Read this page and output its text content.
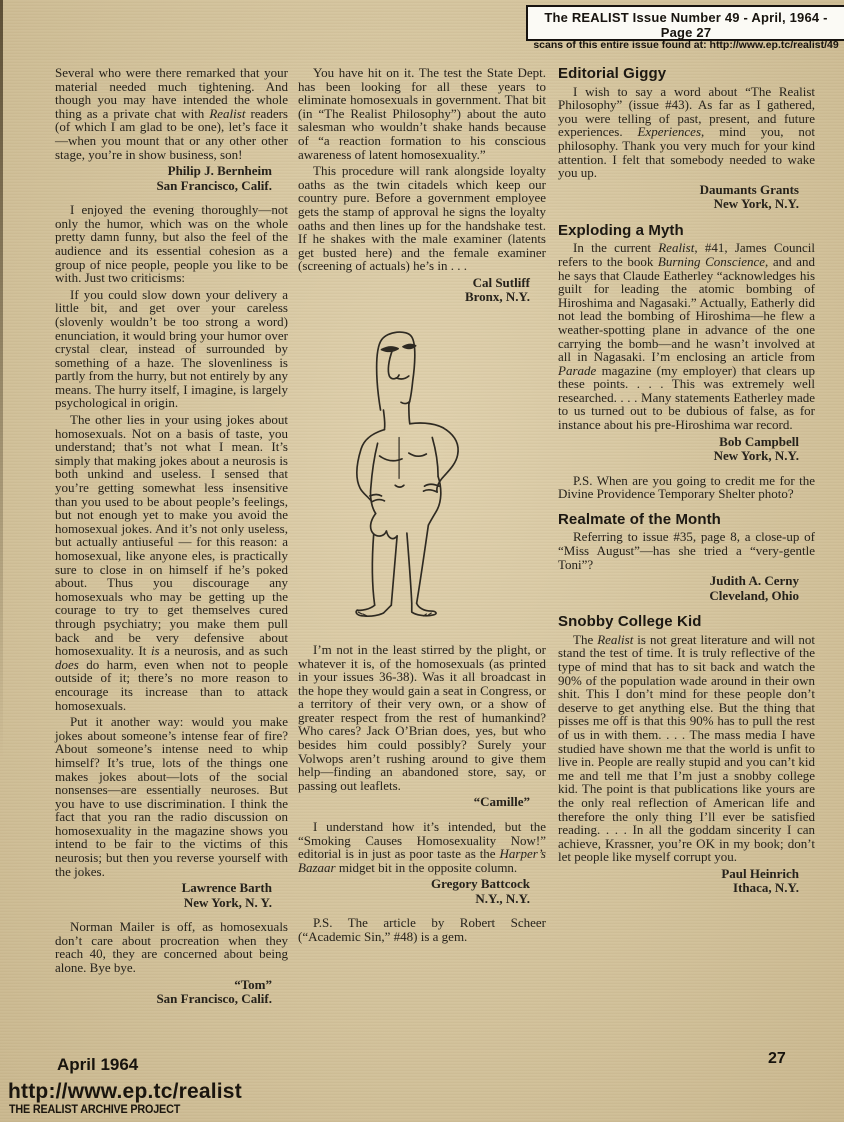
The REALIST Issue Number 49 - April, 1964 - Page 27
scans of this entire issue found at: http://www.ep.tc/realist/49

Several who were there remarked that your material needed much tightening. And though you may have intended the whole thing as a private chat with Realist readers (of which I am glad to be one), let’s face it—when you mount that or any other other stage, you’re in show business, son!

Philip J. Bernheim
San Francisco, Calif.

I enjoyed the evening thoroughly—not only the humor, which was on the whole pretty damn funny, but also the feel of the audience and its essential cohesion as a group of nice people, people you like to be with. Just two criticisms:

If you could slow down your delivery a little bit, and get over your careless (slovenly wouldn’t be too strong a word) enunciation, it would bring your humor over crystal clear, instead of surrounded by something of a haze. The slovenliness is partly from the hurry, but not entirely by any means. The hurry itself, I imagine, is largely psychological in origin.

The other lies in your using jokes about homosexuals. Not on a basis of taste, you understand; that’s not what I mean. It’s simply that making jokes about a neurosis is both unkind and useless. I sensed that you’re getting somewhat less insensitive than you used to be about people’s feelings, but not enough yet to make you avoid the homosexual jokes. And it’s not only useless, but actually antiuseful — for this reason: a homosexual, like anyone eles, is practically sure to close in on himself if he’s poked about. Thus you discourage any homosexuals who may be getting up the courage to try to get themselves cured through psychiatry; you make them pull back and be very defensive about homosexuality. It is a neurosis, and as such does do harm, even when not to people outside of it; there’s no more reason to encourage its increase than to attack homosexuals.

Put it another way: would you make jokes about someone’s intense fear of fire? About someone’s intense need to whip himself? It’s true, lots of the things one makes jokes about—lots of the social nonsenses—are essentially neuroses. But you have to use discrimination. I think the fact that you ran the radio discussion on homosexuality in the magazine shows you intend to be fair to the victims of this neurosis; but then you reverse yourself with the jokes.

Lawrence Barth
New York, N. Y.

Norman Mailer is off, as homosexuals don’t care about procreation when they reach 40, they are concerned about being alone. Bye bye.

“Tom”
San Francisco, Calif.

You have hit on it. The test the State Dept. has been looking for all these years to eliminate homosexuals in government. That bit (in “The Realist Philosophy”) about the auto salesman who wouldn’t shake hands because of “a reaction formation to his conscious awareness of latent homosexuality.”

This procedure will rank alongside loyalty oaths as the twin citadels which keep our country pure. Before a government employee gets the stamp of approval he signs the loyalty oaths and then lines up for the handshake test. If he shakes with the male examiner (latents get busted here) and the female examiner (screening of actuals) he’s in . . .

Cal Sutliff
Bronx, N.Y.

I’m not in the least stirred by the plight, or whatever it is, of the homosexuals (as printed in your issues 36-38). Was it all broadcast in the hope they would gain a seat in Congress, or a territory of their very own, or a show of greater respect from the rest of humankind? Who cares? Jack O’Brian does, yes, but who besides him could possibly? Surely your Volwops aren’t rushing around to give them help—finding an abandoned store, say, or passing out leaflets.

“Camille”

I understand how it’s intended, but the “Smoking Causes Homosexuality Now!” editorial is in just as poor taste as the Harper’s Bazaar midget bit in the opposite column.

Gregory Battcock
N.Y., N.Y.

P.S. The article by Robert Scheer (“Academic Sin,” #48) is a gem.

Editorial Giggy

I wish to say a word about “The Realist Philosophy” (issue #43). As far as I gathered, you were telling of past, present, and future experiences. Experiences, mind you, not philosophy. Thank you very much for your kind attention. I felt that somebody needed to wake you up.

Daumants Grants
New York, N.Y.
Exploding a Myth

In the current Realist, #41, James Council refers to the book Burning Conscience, and and he says that Claude Eatherley “acknowledges his guilt for leading the atomic bombing of Hiroshima and Nagasaki.” Actually, Eatherly did not lead the bombing of Hiroshima—he flew a weather-spotting plane in advance of the one carrying the bomb—and he wasn’t involved at all in Nagasaki. I’m enclosing an article from Parade magazine (my employer) that clears up these points. . . . This was extremely well researched. . . . Many statements Eatherley made to us turned out to be dubious of false, as for instance about his pre-Hiroshima war record.

Bob Campbell
New York, N.Y.

P.S. When are you going to credit me for the Divine Providence Temporary Shelter photo?

Realmate of the Month

Referring to issue #35, page 8, a close-up of “Miss August”—has she tried a “very-gentle Toni”?

Judith A. Cerny
Cleveland, Ohio
Snobby College Kid

The Realist is not great literature and will not stand the test of time. It is truly reflective of the type of mind that has to sit back and watch the 90% of the population wade around in their own shit. This I don’t mind for these people don’t deserve to get anything else. But the thing that pisses me off is that this 90% has to pull the rest of us in with them. . . . The mass media I have studied have shown me that the world is unfit to live in. People are really stupid and you can’t kid me and tell me that I’m just a snobby college kid. The point is that publications like yours are the only real reflection of American life and therefore the only thing I’ll ever be satisfied reading. . . . In all the goddam sincerity I can achieve, Krassner, you’re OK in my book; don’t let people like myself corrupt you.

Paul Heinrich
Ithaca, N.Y.
April 1964	27
http://www.ep.tc/realist
THE REALIST ARCHIVE PROJECT
